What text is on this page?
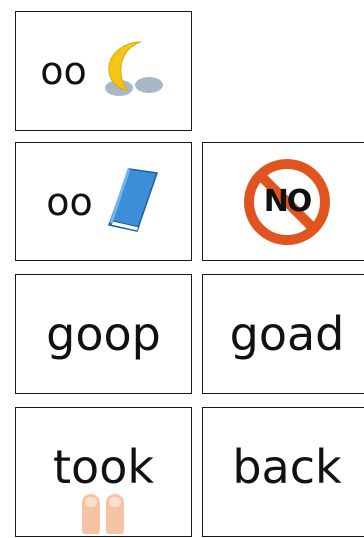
oo
oo	NO
goop goad
took back
